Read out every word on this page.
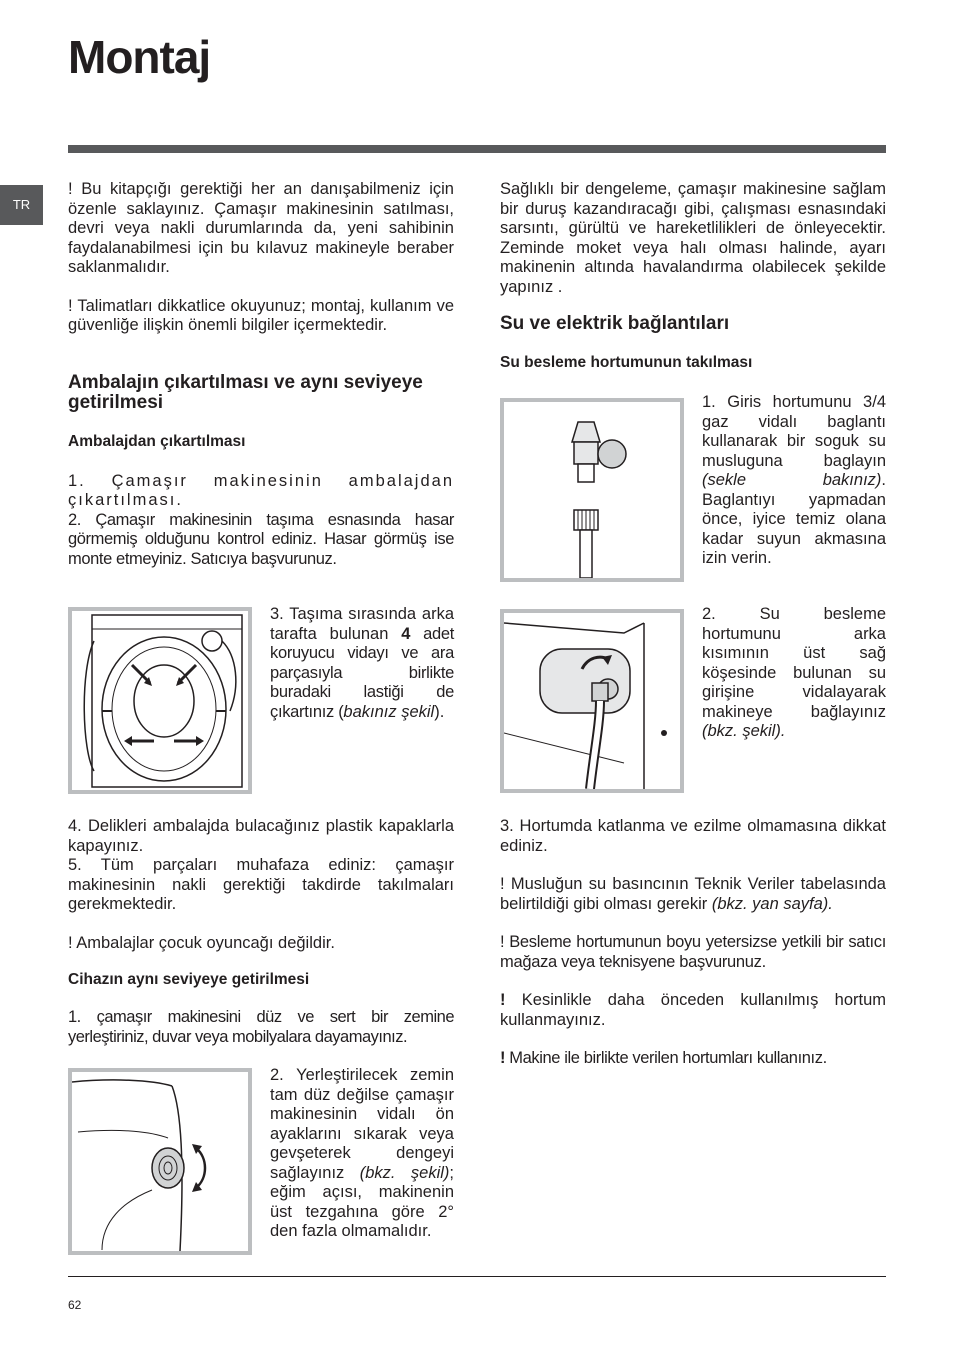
Montaj
TR

! Bu kitapçığı gerektiği her an danışabilmeniz için özenle saklayınız. Çamaşır makinesinin satılması, devri veya nakli durumlarında da, yeni sahibinin faydalanabilmesi için bu kılavuz makineyle beraber saklanmalıdır.

! Talimatları dikkatlice okuyunuz; montaj, kullanım ve güvenliğe ilişkin önemli bilgiler içermektedir.

Ambalajın çıkartılması ve aynı seviyeye getirilmesi
Ambalajdan çıkartılması

1. Çamaşır makinesinin ambalajdan çıkartılması.

2. Çamaşır makinesinin taşıma esnasında hasar görmemiş olduğunu kontrol ediniz. Hasar görmüş ise monte etmeyiniz. Satıcıya başvurunuz.

3. Taşıma sırasında arka tarafta bulunan 4 adet koruyucu vidayı ve ara parçasıyla birlikte buradaki lastiği de çıkartınız (bakınız şekil).

4. Delikleri ambalajda bulacağınız plastik kapaklarla kapayınız.

5. Tüm parçaları muhafaza ediniz: çamaşır makinesinin nakli gerektiği takdirde takılmaları gerekmektedir.

! Ambalajlar çocuk oyuncağı değildir.

Cihazın aynı seviyeye getirilmesi

1. çamaşır makinesini düz ve sert bir zemine yerleştiriniz, duvar veya mobilyalara dayamayınız.

2. Yerleştirilecek zemin tam düz değilse çamaşır makinesinin vidalı ön ayaklarını sıkarak veya gevşeterek dengeyi sağlayınız (bkz. şekil); eğim açısı, makinenin üst tezgahına göre 2° den fazla olmamalıdır.

Sağlıklı bir dengeleme, çamaşır makinesine sağlam bir duruş kazandıracağı gibi, çalışması esnasındaki sarsıntı, gürültü ve hareketlilikleri de önleyecektir. Zeminde moket veya halı olması halinde, ayarı makinenin altında havalandırma olabilecek şekilde yapınız .

Su ve elektrik bağlantıları
Su besleme hortumunun takılması
1. Giris hortumunu 3/4 gaz vidalı baglantı kullanarak bir soguk su musluguna baglayın (sekle bakınız). Baglantıyı yapmadan önce, iyice temiz olana kadar suyun akmasına izin verin.
2. Su besleme hortumunu arka kısımının üst sağ köşesinde bulunan su girişine vidalayarak makineye bağlayınız (bkz. şekil).

3. Hortumda katlanma ve ezilme olmamasına dikkat ediniz.

! Musluğun su basıncının Teknik Veriler tabelasında belirtildiği gibi olması gerekir (bkz. yan sayfa).

! Besleme hortumunun boyu yetersizse yetkili bir satıcı mağaza veya teknisyene başvurunuz.

! Kesinlikle daha önceden kullanılmış hortum kullanmayınız.

! Makine ile birlikte verilen hortumları kullanınız.

62
